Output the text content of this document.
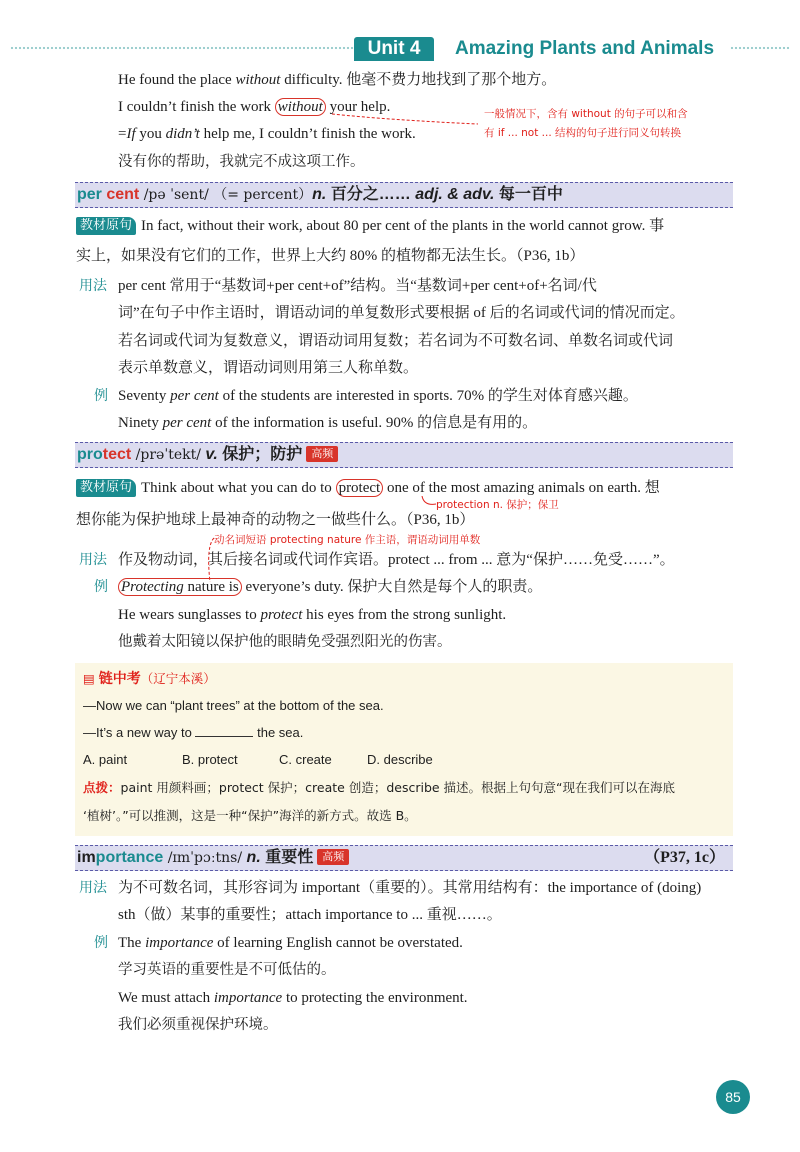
Unit 4	Amazing Plants and Animals
He found the place without difficulty. 他毫不费力地找到了那个地方。
I couldn’t finish the work without your help.
=If you didn’t help me, I couldn’t finish the work.
没有你的帮助，我就完不成这项工作。
一般情况下，含有 without 的句子可以和含
有 if ... not ... 结构的句子进行同义句转换
per cent /pə ˈsent/ （= percent）n. 百分之…… adj. & adv. 每一百中
教材原句 In fact, without their work, about 80 per cent of the plants in the world cannot grow. 事
实上，如果没有它们的工作，世界上大约 80% 的植物都无法生长。（P36, 1b）
用法 per cent 常用于“基数词+per cent+of”结构。当“基数词+per cent+of+名词/代
词”在句子中作主语时，谓语动词的单复数形式要根据 of 后的名词或代词的情况而定。
若名词或代词为复数意义，谓语动词用复数；若名词为不可数名词、单数名词或代词
表示单数意义，谓语动词则用第三人称单数。
例 Seventy per cent of the students are interested in sports. 70% 的学生对体育感兴趣。
Ninety per cent of the information is useful. 90% 的信息是有用的。
protect /prəˈtekt/ v. 保护；防护 高频
教材原句 Think about what you can do to protect one of the most amazing animals on earth. 想
protection n. 保护；保卫
想你能为保护地球上最神奇的动物之一做些什么。（P36, 1b）
动名词短语 protecting nature 作主语，谓语动词用单数
用法 作及物动词，其后接名词或代词作宾语。protect ... from ... 意为“保护……免受……”。
例 Protecting nature is everyone’s duty. 保护大自然是每个人的职责。
He wears sunglasses to protect his eyes from the strong sunlight.
他戴着太阳镜以保护他的眼睛免受强烈阳光的伤害。
▤ 链中考（辽宁本溪）
—Now we can “plant trees” at the bottom of the sea.
—It’s a new way to	the sea.
A. paint	B. protect	C. create	D. describe
点拨：paint 用颜料画；protect 保护；create 创造；describe 描述。根据上句句意“现在我们可以在海底
‘植树’。”可以推测，这是一种“保护”海洋的新方式。故选 B。
importance /ɪmˈpɔːtns/ n. 重要性 高频	（P37, 1c）
用法 为不可数名词，其形容词为 important（重要的）。其常用结构有：the importance of (doing)
sth（做）某事的重要性；attach importance to ... 重视……。
例 The importance of learning English cannot be overstated.
学习英语的重要性是不可低估的。
We must attach importance to protecting the environment.
我们必须重视保护环境。
85
